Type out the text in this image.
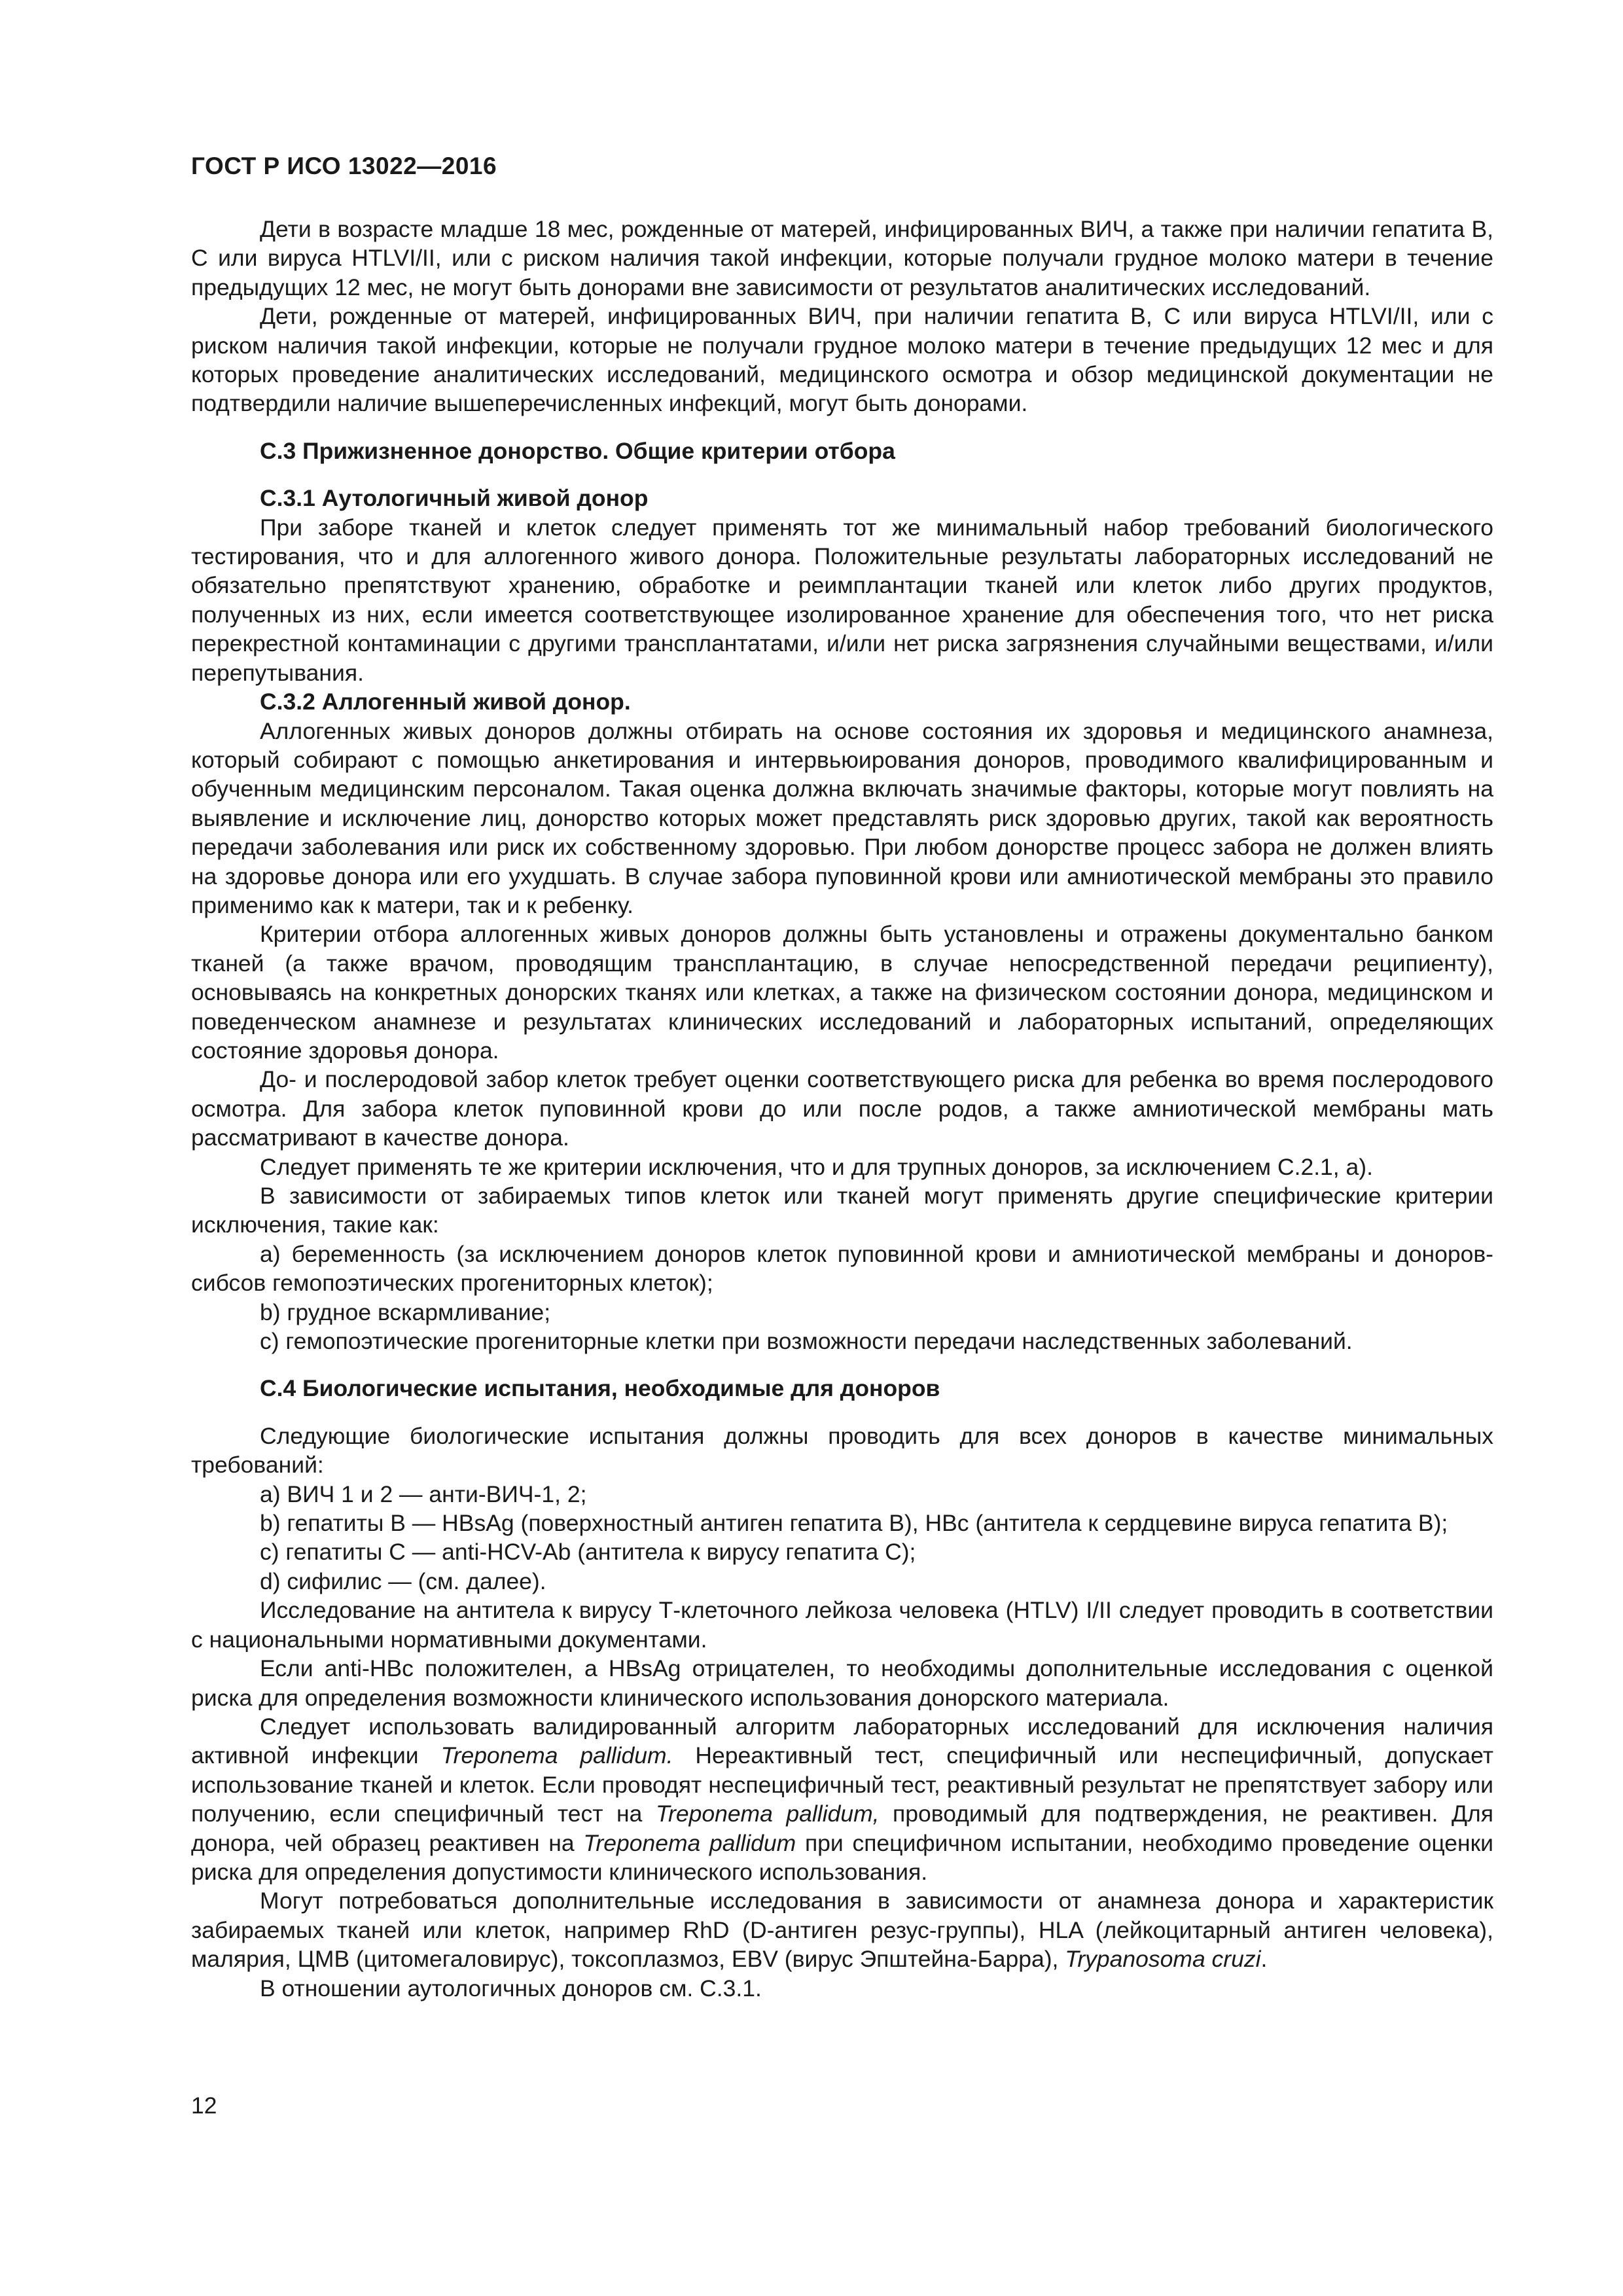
ГОСТ Р ИСО 13022—2016

Дети в возрасте младше 18 мес, рожденные от матерей, инфицированных ВИЧ, а также при наличии гепатита В, С или вируса HTLVI/II, или с риском наличия такой инфекции, которые получали грудное молоко матери в течение предыдущих 12 мес, не могут быть донорами вне зависимости от результатов аналитических исследований.

Дети, рожденные от матерей, инфицированных ВИЧ, при наличии гепатита В, С или вируса HTLVI/II, или с риском наличия такой инфекции, которые не получали грудное молоко матери в течение предыдущих 12 мес и для которых проведение аналитических исследований, медицинского осмотра и обзор медицинской документации не подтвердили наличие вышеперечисленных инфекций, могут быть донорами.

С.3 Прижизненное донорство. Общие критерии отбора

С.3.1 Аутологичный живой донор

При заборе тканей и клеток следует применять тот же минимальный набор требований биологического тестирования, что и для аллогенного живого донора. Положительные результаты лабораторных исследований не обязательно препятствуют хранению, обработке и реимплантации тканей или клеток либо других продуктов, полученных из них, если имеется соответствующее изолированное хранение для обеспечения того, что нет риска перекрестной контаминации с другими трансплантатами, и/или нет риска загрязнения случайными веществами, и/или перепутывания.

С.3.2 Аллогенный живой донор.

Аллогенных живых доноров должны отбирать на основе состояния их здоровья и медицинского анамнеза, который собирают с помощью анкетирования и интервьюирования доноров, проводимого квалифицированным и обученным медицинским персоналом. Такая оценка должна включать значимые факторы, которые могут повлиять на выявление и исключение лиц, донорство которых может представлять риск здоровью других, такой как вероятность передачи заболевания или риск их собственному здоровью. При любом донорстве процесс забора не должен влиять на здоровье донора или его ухудшать. В случае забора пуповинной крови или амниотической мембраны это правило применимо как к матери, так и к ребенку.

Критерии отбора аллогенных живых доноров должны быть установлены и отражены документально банком тканей (а также врачом, проводящим трансплантацию, в случае непосредственной передачи реципиенту), основываясь на конкретных донорских тканях или клетках, а также на физическом состоянии донора, медицинском и поведенческом анамнезе и результатах клинических исследований и лабораторных испытаний, определяющих состояние здоровья донора.

До- и послеродовой забор клеток требует оценки соответствующего риска для ребенка во время послеродового осмотра. Для забора клеток пуповинной крови до или после родов, а также амниотической мембраны мать рассматривают в качестве донора.

Следует применять те же критерии исключения, что и для трупных доноров, за исключением С.2.1, а).

В зависимости от забираемых типов клеток или тканей могут применять другие специфические критерии исключения, такие как:

а) беременность (за исключением доноров клеток пуповинной крови и амниотической мембраны и доноров-сибсов гемопоэтических прогениторных клеток);

b) грудное вскармливание;

с) гемопоэтические прогениторные клетки при возможности передачи наследственных заболеваний.

С.4 Биологические испытания, необходимые для доноров

Следующие биологические испытания должны проводить для всех доноров в качестве минимальных требований:

а) ВИЧ 1 и 2 — анти-ВИЧ-1, 2;

b) гепатиты В — HBsAg (поверхностный антиген гепатита В), НВс (антитела к сердцевине вируса гепатита В);

с) гепатиты С — anti-HCV-Ab (антитела к вирусу гепатита С);

d) сифилис — (см. далее).

Исследование на антитела к вирусу Т-клеточного лейкоза человека (HTLV) I/II следует проводить в соответствии с национальными нормативными документами.

Если anti-HBc положителен, а HBsAg отрицателен, то необходимы дополнительные исследования с оценкой риска для определения возможности клинического использования донорского материала.

Следует использовать валидированный алгоритм лабораторных исследований для исключения наличия активной инфекции Treponema pallidum. Нереактивный тест, специфичный или неспецифичный, допускает использование тканей и клеток. Если проводят неспецифичный тест, реактивный результат не препятствует забору или получению, если специфичный тест на Treponema pallidum, проводимый для подтверждения, не реактивен. Для донора, чей образец реактивен на Treponema pallidum при специфичном испытании, необходимо проведение оценки риска для определения допустимости клинического использования.

Могут потребоваться дополнительные исследования в зависимости от анамнеза донора и характеристик забираемых тканей или клеток, например RhD (D-антиген резус-группы), HLA (лейкоцитарный антиген человека), малярия, ЦМВ (цитомегаловирус), токсоплазмоз, EBV (вирус Эпштейна-Барра), Trypanosoma cruzi.

В отношении аутологичных доноров см. С.3.1.

12
